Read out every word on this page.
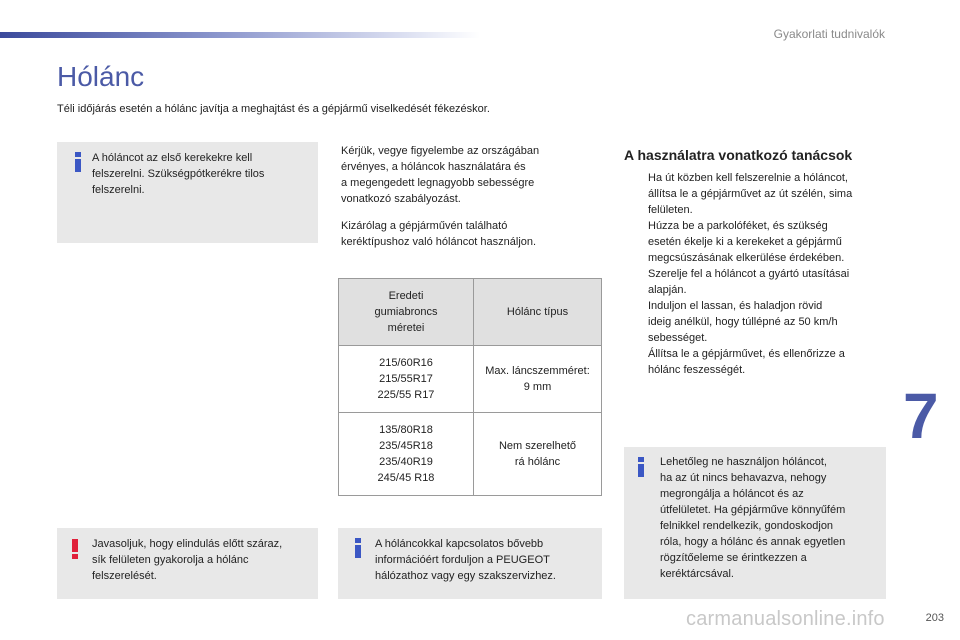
Gyakorlati tudnivalók
Hólánc
Téli időjárás esetén a hólánc javítja a meghajtást és a gépjármű viselkedését fékezéskor.
A hóláncot az első kerekekre kell
felszerelni. Szükségpótkerékre tilos
felszerelni.
Kérjük, vegye figyelembe az országában
érvényes, a hóláncok használatára és
a megengedett legnagyobb sebességre
vonatkozó szabályozást.
Kizárólag a gépjárművén található
keréktípushoz való hóláncot használjon.
Eredeti
gumiabroncs
méretei	Hólánc típus
215/60R16
215/55R17
225/55 R17	Max. láncszemméret:
9 mm
135/80R18
235/45R18
235/40R19
245/45 R18	Nem szerelhető
rá hólánc
A használatra vonatkozó tanácsok
Ha út közben kell felszerelnie a hóláncot,
állítsa le a gépjárművet az út szélén, sima
felületen.
Húzza be a parkolóféket, és szükség
esetén ékelje ki a kerekeket a gépjármű
megcsúszásának elkerülése érdekében.
Szerelje fel a hóláncot a gyártó utasításai
alapján.
Induljon el lassan, és haladjon rövid
ideig anélkül, hogy túllépné az 50 km/h
sebességet.
Állítsa le a gépjárművet, és ellenőrizze a
hólánc feszességét.
Lehetőleg ne használjon hóláncot,
ha az út nincs behavazva, nehogy
megrongálja a hóláncot és az
útfelületet. Ha gépjárműve könnyűfém
felnikkel rendelkezik, gondoskodjon
róla, hogy a hólánc és annak egyetlen
rögzítőeleme se érintkezzen a
keréktárcsával.
Javasoljuk, hogy elindulás előtt száraz,
sík felületen gyakorolja a hólánc
felszerelését.
A hóláncokkal kapcsolatos bővebb
információért forduljon a PEUGEOT
hálózathoz vagy egy szakszervizhez.
7
carmanualsonline.info	203
